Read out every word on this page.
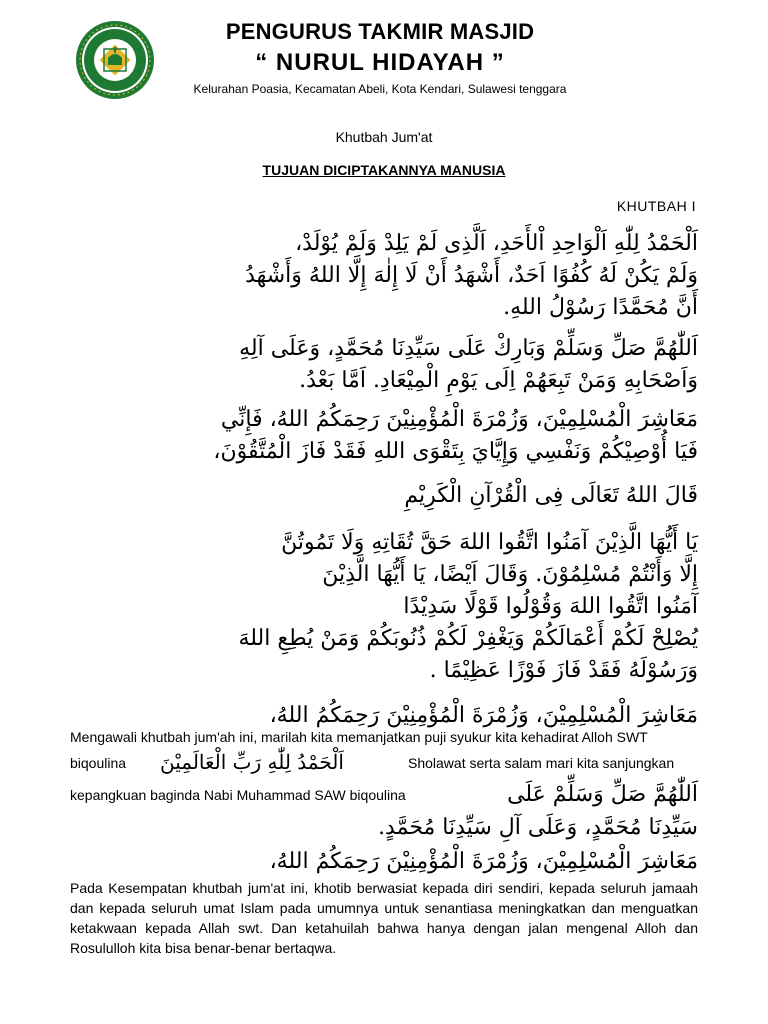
PENGURUS TAKMIR MASJID
“ NURUL HIDAYAH ”
Kelurahan Poasia, Kecamatan Abeli, Kota Kendari, Sulawesi tenggara
Khutbah Jum'at
TUJUAN DICIPTAKANNYA MANUSIA
KHUTBAH I

اَلْحَمْدُ لِلّٰهِ اَلْوَاحِدِ اْلأَحَدِ، اَلَّذِى لَمْ يَلِدْ وَلَمْ يُوْلَدْ،

وَلَمْ يَكُنْ لَهُ كُفُوًا اَحَدٌ، أَشْهَدُ أَنْ لَا إِلٰهَ إِلَّا اللهُ وَأَشْهَدُ

أَنَّ مُحَمَّدًا رَسُوْلُ اللهِ.

اَللّٰهُمَّ صَلِّ وَسَلِّمْ وَبَارِكْ عَلَى سَيِّدِنَا مُحَمَّدٍ، وَعَلَى آلِهِ

وَاَصْحَابِهِ وَمَنْ تَبِعَهُمْ اِلَى يَوْمِ الْمِيْعَادِ. اَمَّا بَعْدُ.

مَعَاشِرَ الْمُسْلِمِيْنَ، وَزُمْرَةَ الْمُؤْمِنِيْنَ رَحِمَكُمُ اللهُ، فَإِنِّي

فَيَا أُوْصِيْكُمْ وَنَفْسِي وَإِيَّايَ بِتَقْوَى اللهِ فَقَدْ فَازَ الْمُتَّقُوْنَ،

قَالَ اللهُ تَعَالَى فِى الْقُرْآنِ الْكَرِيْمِ

يَا أَيُّهَا الَّذِيْنَ آمَنُوا اتَّقُوا اللهَ حَقَّ تُقَاتِهِ وَلَا تَمُوتُنَّ

إِلَّا وَأَنْتُمْ مُسْلِمُوْنَ. وَقَالَ اَيْضًا، يَا أَيُّهَا الَّذِيْنَ

آمَنُوا اتَّقُوا اللهَ وَقُوْلُوا قَوْلًا سَدِيْدًا

يُصْلِحْ لَكُمْ أَعْمَالَكُمْ وَيَغْفِرْ لَكُمْ ذُنُوبَكُمْ وَمَنْ يُطِعِ اللهَ

وَرَسُوْلَهُ فَقَدْ فَازَ فَوْزًا عَظِيْمًا .

مَعَاشِرَ الْمُسْلِمِيْنَ، وَزُمْرَةَ الْمُؤْمِنِيْنَ رَحِمَكُمُ اللهُ،

Mengawali khutbah jum'ah ini, marilah kita memanjatkan puji syukur kita kehadirat Alloh SWT
biqoulina اَلْحَمْدُ لِلّٰهِ رَبِّ الْعَالَمِيْنَ	Sholawat serta salam mari kita sanjungkan
kepangkuan baginda Nabi Muhammad SAW biqoulina	اَللّٰهُمَّ صَلِّ وَسَلِّمْ عَلَى

سَيِّدِنَا مُحَمَّدٍ، وَعَلَى آلِ سَيِّدِنَا مُحَمَّدٍ.

مَعَاشِرَ الْمُسْلِمِيْنَ، وَزُمْرَةَ الْمُؤْمِنِيْنَ رَحِمَكُمُ اللهُ،

Pada Kesempatan khutbah jum'at ini, khotib berwasiat kepada diri sendiri, kepada seluruh jamaah dan kepada seluruh umat Islam pada umumnya untuk senantiasa meningkatkan dan menguatkan ketakwaan kepada Allah swt. Dan ketahuilah bahwa hanya dengan jalan mengenal Alloh dan Rosululloh kita bisa benar-benar bertaqwa.
